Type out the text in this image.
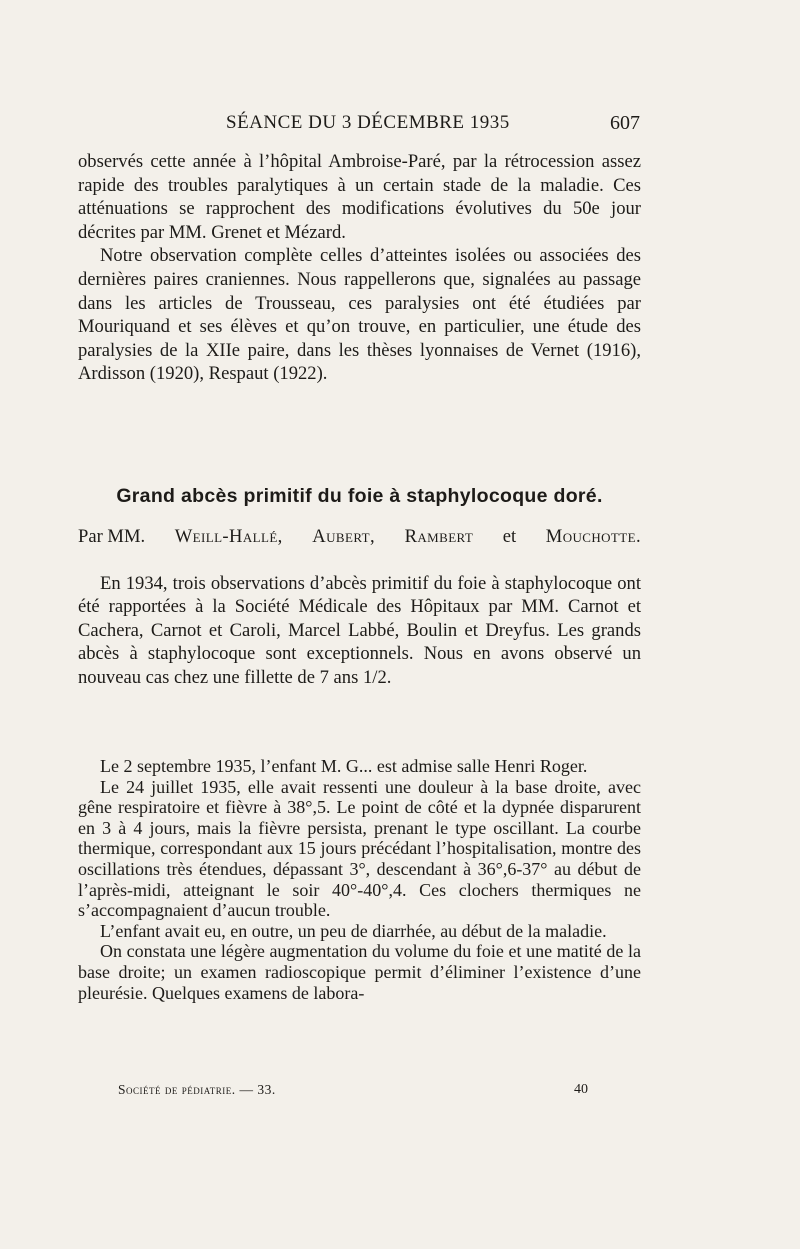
SÉANCE DU 3 DÉCEMBRE 1935	607

observés cette année à l’hôpital Ambroise-Paré, par la rétrocession assez rapide des troubles paralytiques à un certain stade de la maladie. Ces atténuations se rapprochent des modifications évolutives du 50e jour décrites par MM. Grenet et Mézard.

Notre observation complète celles d’atteintes isolées ou associées des dernières paires craniennes. Nous rappellerons que, signalées au passage dans les articles de Trousseau, ces paralysies ont été étudiées par Mouriquand et ses élèves et qu’on trouve, en particulier, une étude des paralysies de la XIIe paire, dans les thèses lyonnaises de Vernet (1916), Ardisson (1920), Respaut (1922).

Grand abcès primitif du foie à staphylocoque doré.
Par MM. Weill-Hallé, Aubert, Rambert et Mouchotte.

En 1934, trois observations d’abcès primitif du foie à staphylocoque ont été rapportées à la Société Médicale des Hôpitaux par MM. Carnot et Cachera, Carnot et Caroli, Marcel Labbé, Boulin et Dreyfus. Les grands abcès à staphylocoque sont exceptionnels. Nous en avons observé un nouveau cas chez une fillette de 7 ans 1/2.

Le 2 septembre 1935, l’enfant M. G... est admise salle Henri Roger.

Le 24 juillet 1935, elle avait ressenti une douleur à la base droite, avec gêne respiratoire et fièvre à 38°,5. Le point de côté et la dypnée disparurent en 3 à 4 jours, mais la fièvre persista, prenant le type oscillant. La courbe thermique, correspondant aux 15 jours précédant l’hospitalisation, montre des oscillations très étendues, dépassant 3°, descendant à 36°,6-37° au début de l’après-midi, atteignant le soir 40°-40°,4. Ces clochers thermiques ne s’accompagnaient d’aucun trouble.

L’enfant avait eu, en outre, un peu de diarrhée, au début de la maladie.

On constata une légère augmentation du volume du foie et une matité de la base droite; un examen radioscopique permit d’éliminer l’existence d’une pleurésie. Quelques examens de labora-

Société de pédiatrie. — 33.	40
